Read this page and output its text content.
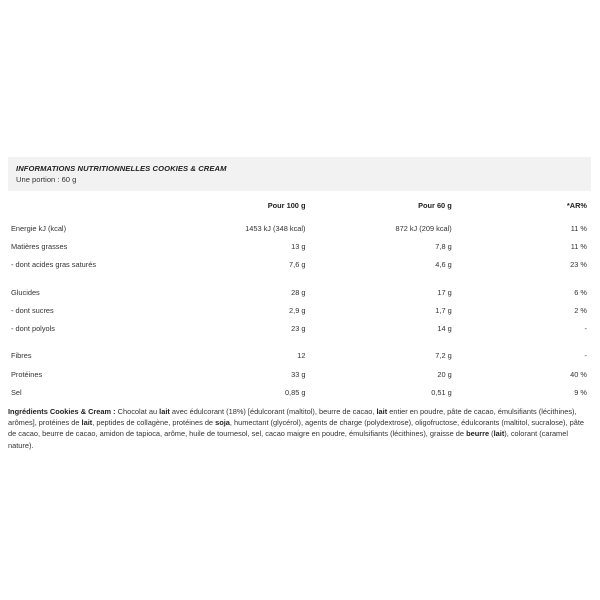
INFORMATIONS NUTRITIONNELLES COOKIES & CREAM
Une portion : 60 g
	Pour 100 g	Pour 60 g	*AR%
Energie kJ (kcal)	1453 kJ (348 kcal)	872 kJ (209 kcal)	11 %
Matières grasses	13 g	7,8 g	11 %
- dont acides gras saturés	7,6 g	4,6 g	23 %

Glucides	28 g	17 g	6 %
- dont sucres	2,9 g	1,7 g	2 %
- dont polyols	23 g	14 g	-

Fibres	12	7,2 g	-
Protéines	33 g	20 g	40 %
Sel	0,85 g	0,51 g	9 %
Ingrédients Cookies & Cream : Chocolat au lait avec édulcorant (18%) [édulcorant (maltitol), beurre de cacao, lait entier en poudre, pâte de cacao, émulsifiants (lécithines), arômes], protéines de lait, peptides de collagène, protéines de soja, humectant (glycérol), agents de charge (polydextrose), oligofructose, édulcorants (maltitol, sucralose), pâte de cacao, beurre de cacao, amidon de tapioca, arôme, huile de tournesol, sel, cacao maigre en poudre, émulsifiants (lécithines), graisse de beurre (lait), colorant (caramel nature).
